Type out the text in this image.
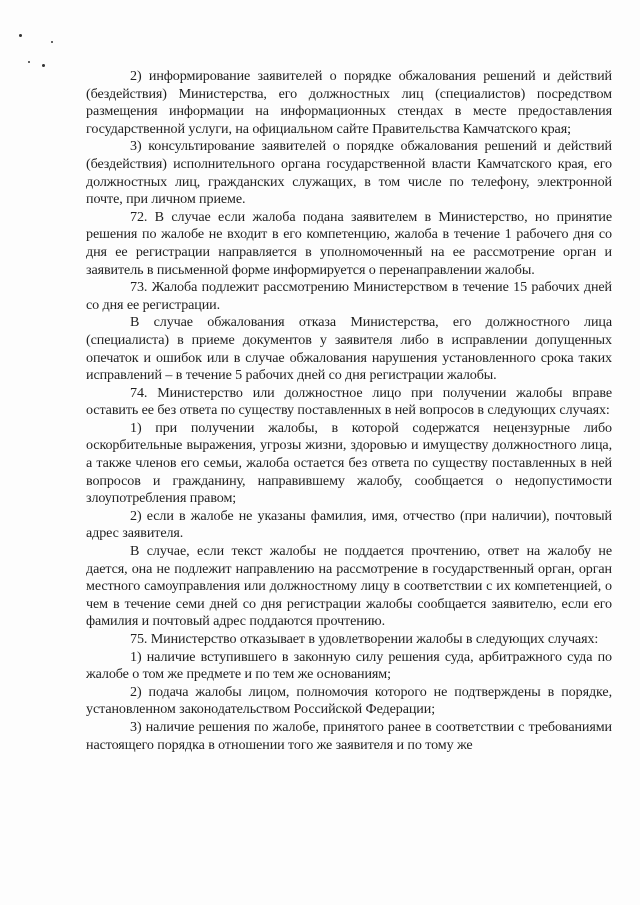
2) информирование заявителей о порядке обжалования решений и действий (бездействия) Министерства, его должностных лиц (специалистов) посредством размещения информации на информационных стендах в месте предоставления государственной услуги, на официальном сайте Правительства Камчатского края;

3) консультирование заявителей о порядке обжалования решений и действий (бездействия) исполнительного органа государственной власти Камчатского края, его должностных лиц, гражданских служащих, в том числе по телефону, электронной почте, при личном приеме.

72. В случае если жалоба подана заявителем в Министерство, но принятие решения по жалобе не входит в его компетенцию, жалоба в течение 1 рабочего дня со дня ее регистрации направляется в уполномоченный на ее рассмотрение орган и заявитель в письменной форме информируется о перенаправлении жалобы.

73. Жалоба подлежит рассмотрению Министерством в течение 15 рабочих дней со дня ее регистрации.

В случае обжалования отказа Министерства, его должностного лица (специалиста) в приеме документов у заявителя либо в исправлении допущенных опечаток и ошибок или в случае обжалования нарушения установленного срока таких исправлений – в течение 5 рабочих дней со дня регистрации жалобы.

74. Министерство или должностное лицо при получении жалобы вправе оставить ее без ответа по существу поставленных в ней вопросов в следующих случаях:

1) при получении жалобы, в которой содержатся нецензурные либо оскорбительные выражения, угрозы жизни, здоровью и имуществу должностного лица, а также членов его семьи, жалоба остается без ответа по существу поставленных в ней вопросов и гражданину, направившему жалобу, сообщается о недопустимости злоупотребления правом;

2) если в жалобе не указаны фамилия, имя, отчество (при наличии), почтовый адрес заявителя.

В случае, если текст жалобы не поддается прочтению, ответ на жалобу не дается, она не подлежит направлению на рассмотрение в государственный орган, орган местного самоуправления или должностному лицу в соответствии с их компетенцией, о чем в течение семи дней со дня регистрации жалобы сообщается заявителю, если его фамилия и почтовый адрес поддаются прочтению.

75. Министерство отказывает в удовлетворении жалобы в следующих случаях:

1) наличие вступившего в законную силу решения суда, арбитражного суда по жалобе о том же предмете и по тем же основаниям;

2) подача жалобы лицом, полномочия которого не подтверждены в порядке, установленном законодательством Российской Федерации;

3) наличие решения по жалобе, принятого ранее в соответствии с требованиями настоящего порядка в отношении того же заявителя и по тому же
